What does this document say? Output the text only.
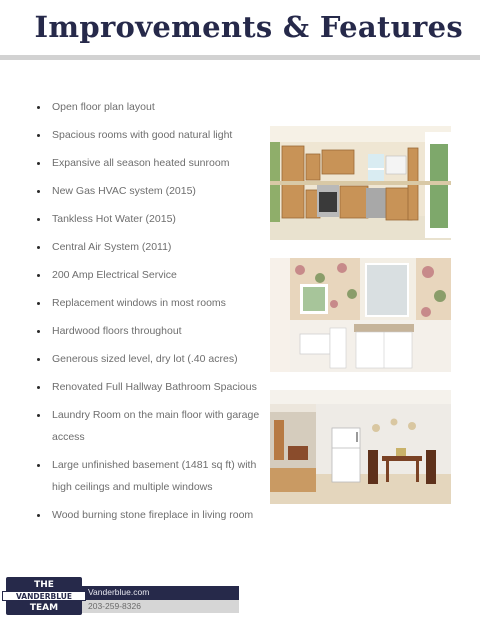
Improvements & Features
Open floor plan layout
Spacious rooms with good natural light
Expansive all season heated sunroom
New Gas HVAC system (2015)
Tankless Hot Water (2015)
Central Air System (2011)
200 Amp Electrical Service
Replacement windows in most rooms
Hardwood floors throughout
Generous sized level, dry lot (.40 acres)
Renovated Full Hallway Bathroom Spacious
Laundry Room on the main floor with garage access
Large unfinished basement (1481 sq ft) with high ceilings and multiple windows
Wood burning stone fireplace in living room
Vanderblue.com
203-259-8326
THE
VANDERBLUE
TEAM
